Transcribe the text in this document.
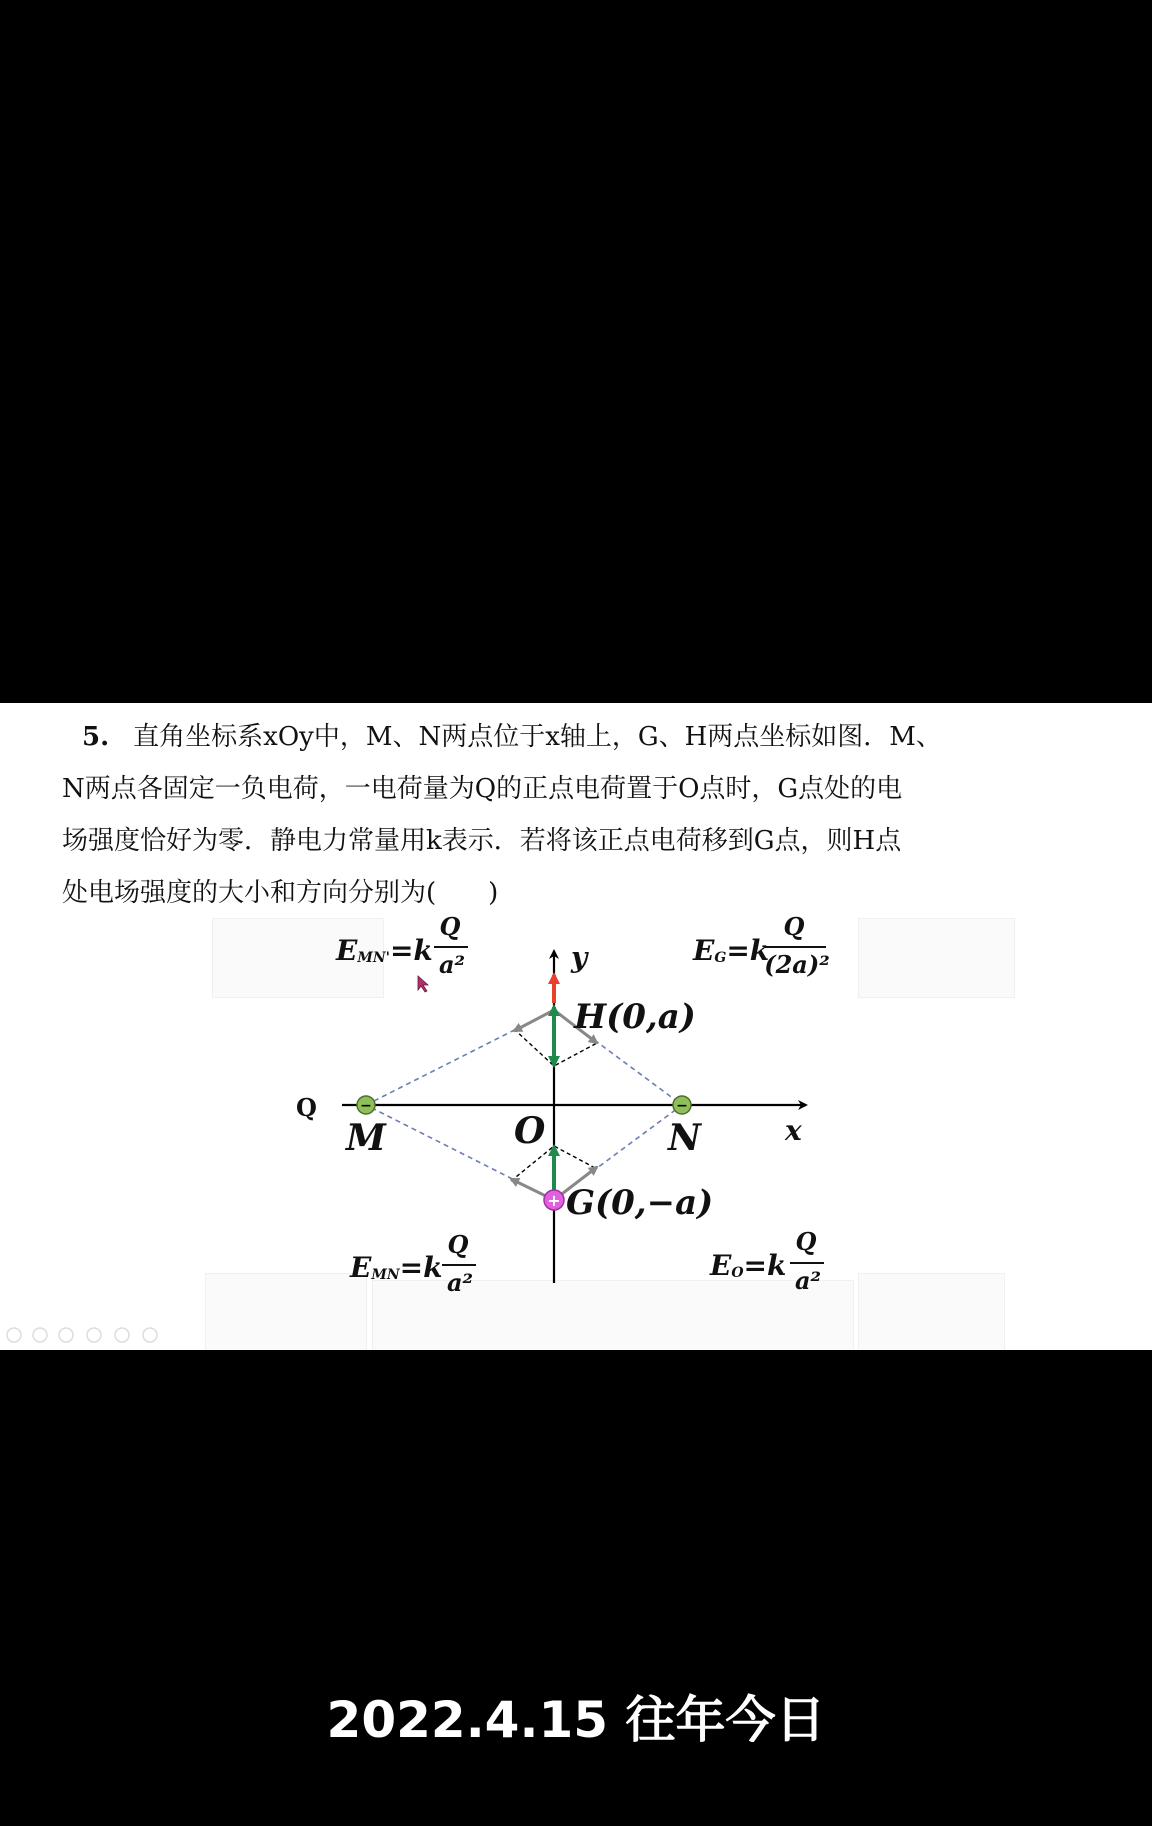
5. 直角坐标系xOy中，M、N两点位于x轴上，G、H两点坐标如图．M、
N两点各固定一负电荷，一电荷量为Q的正点电荷置于O点时，G点处的电
场强度恰好为零．静电力常量用k表示．若将该正点电荷移到G点，则H点
处电场强度的大小和方向分别为(　　)
−	−
+
y
x
O
M	N
H(0,a)
G(0,−a)
Q
EMN'=k
Q
a²	EG=k
Q
(2a)²
EMN=k
Q
a²
EO=k
Q
a²
2022.4.15 往年今日
